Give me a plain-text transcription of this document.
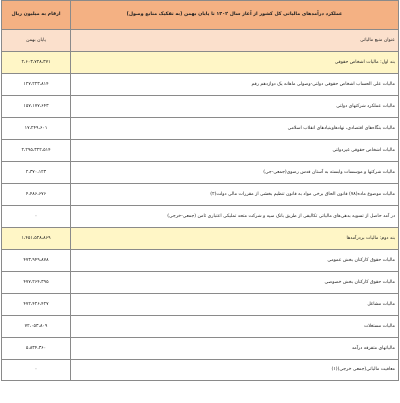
ارقام به میلیون ریال	عملکرد درآمدهای مالیاتی کل کشور از آغاز سال ۱۴۰۲ تا پایان بهمن (به تفکیک منابع وصول)
پایان بهمن	عنوان منبع مالیاتی
۲،۶۰۳،۷۲۸،۳۷۱	بند اول: مالیات اشخاص حقوقی
۱۲۷،۲۲۳،۸۱۴	مالیات علی الحساب اشخاص حقوقی دولتی-وصولی ماهانه یک دوازدهم رقم
۱۵۷،۱۷۷،۶۴۳	مالیات عملکرد شرکتهای دولتی
۱۷،۲۴۹،۶۰۱	مالیات بنگاه‌های اقتصادی، نهادهاوبنیادهای انقلاب اسلامی
۲،۲۹۵،۳۲۲،۵۱۴	مالیات اشخاص حقوقی غیردولتی
۲،۳۷۰،۱۲۳	مالیات شرکتها و موسسات وابسته به آستان قدس رضوی(جمعی-جی)
۴،۴۸۶،۶۷۶	مالیات موضوع ماده(۷۸) قانون الحاق برخی مواد به قانون تنظیم بخشی از مقررات مالی دولت(۲)
۰	در آمد حاصل از تسویه بدهی‌های مالیاتی تکالیفی از طریق بانک سپه و شرکت متحد تملیکی اعتباری ثامن (جمعی-خرجی)
۱،۴۵۱،۵۲۸،۸۶۹	بند دوم: مالیات بردرآمدها
۴۷۳،۹۴۹،۸۷۸	مالیات حقوق کارکنان بخش عمومی
۴۷۷،۲۶۴،۳۹۵	مالیات حقوق کارکنان بخش خصوصی
۴۷۲،۴۲۶،۴۲۷	مالیات مشاغل
۷۲،۰۵۳،۸۰۹	مالیات مستغلات
۵،۸۳۴،۳۶۰	مالیاتهای متفرقه درآمد
۰	معافیت مالیاتی(جمعی خرجی)(۱)
